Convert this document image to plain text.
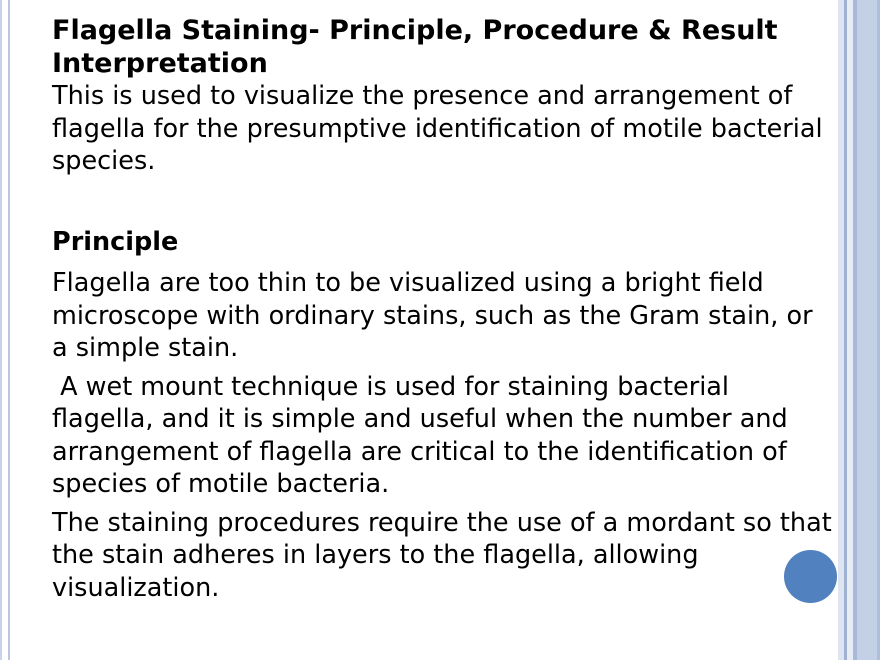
Flagella Staining- Principle, Procedure & Result Interpretation

This is used to visualize the presence and arrangement of flagella for the presumptive identification of motile bacterial species.

Principle

Flagella are too thin to be visualized using a bright field microscope with ordinary stains, such as the Gram stain, or a simple stain.

A wet mount technique is used for staining bacterial flagella, and it is simple and useful when the number and arrangement of flagella are critical to the identification of species of motile bacteria.

The staining procedures require the use of a mordant so that the stain adheres in layers to the flagella, allowing visualization.
